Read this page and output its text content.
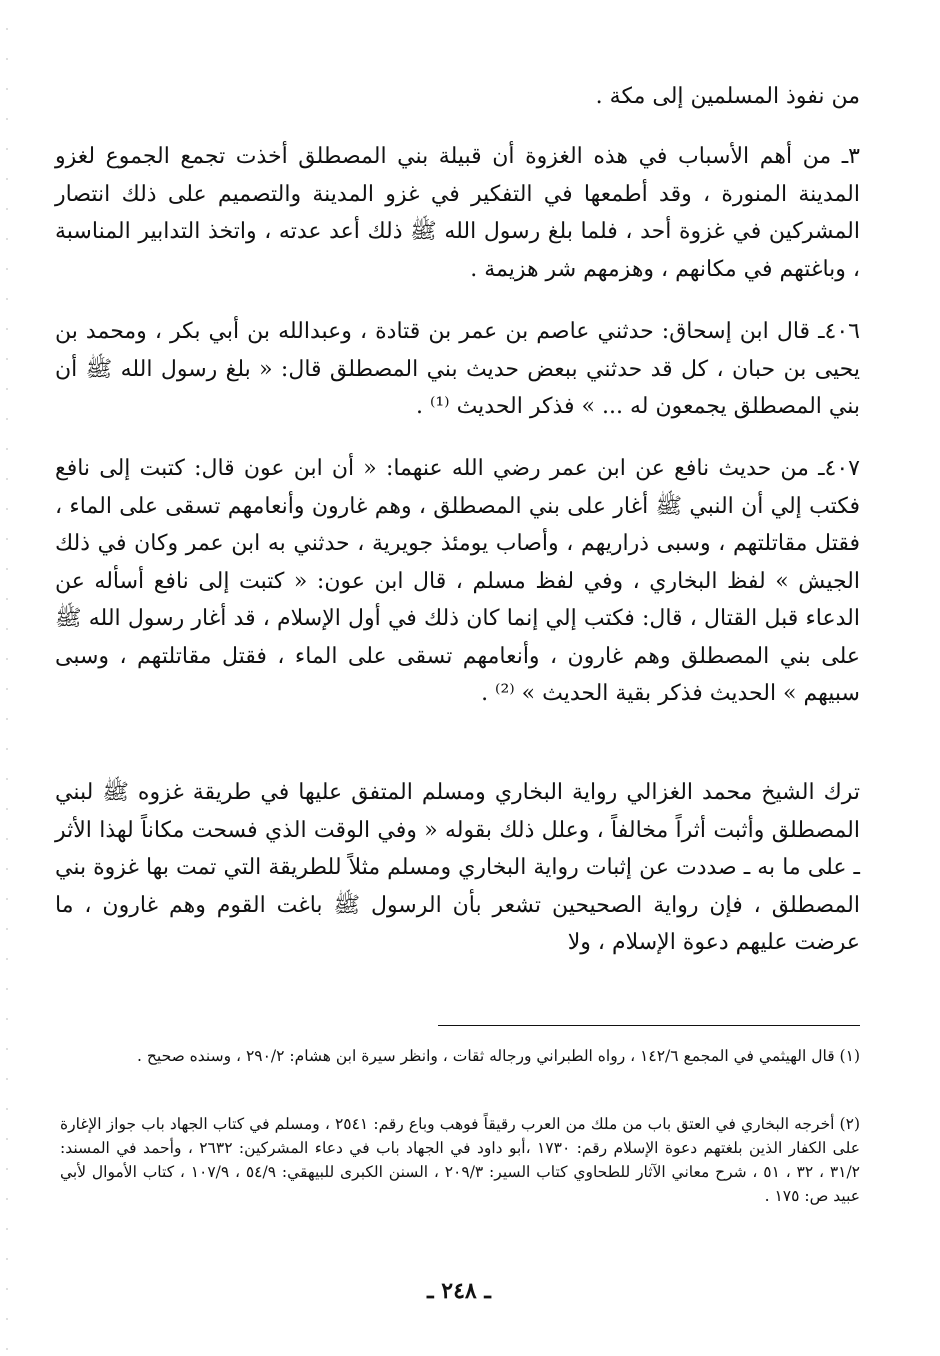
من نفوذ المسلمين إلى مكة .

٣ـ من أهم الأسباب في هذه الغزوة أن قبيلة بني المصطلق أخذت تجمع الجموع لغزو المدينة المنورة ، وقد أطمعها في التفكير في غزو المدينة والتصميم على ذلك انتصار المشركين في غزوة أحد ، فلما بلغ رسول الله ﷺ ذلك أعد عدته ، واتخذ التدابير المناسبة ، وباغتهم في مكانهم ، وهزمهم شر هزيمة .

٤٠٦ـ قال ابن إسحاق: حدثني عاصم بن عمر بن قتادة ، وعبدالله بن أبي بكر ، ومحمد بن يحيى بن حبان ، كل قد حدثني ببعض حديث بني المصطلق قال: « بلغ رسول الله ﷺ أن بني المصطلق يجمعون له ... » فذكر الحديث ⁽¹⁾ .

٤٠٧ـ من حديث نافع عن ابن عمر رضي الله عنهما: « أن ابن عون قال: كتبت إلى نافع فكتب إلي أن النبي ﷺ أغار على بني المصطلق ، وهم غارون وأنعامهم تسقى على الماء ، فقتل مقاتلتهم ، وسبى ذراريهم ، وأصاب يومئذ جويرية ، حدثني به ابن عمر وكان في ذلك الجيش » لفظ البخاري ، وفي لفظ مسلم ، قال ابن عون: « كتبت إلى نافع أسأله عن الدعاء قبل القتال ، قال: فكتب إلي إنما كان ذلك في أول الإسلام ، قد أغار رسول الله ﷺ على بني المصطلق وهم غارون ، وأنعامهم تسقى على الماء ، فقتل مقاتلتهم ، وسبى سبيهم » الحديث فذكر بقية الحديث » ⁽²⁾ .

ترك الشيخ محمد الغزالي رواية البخاري ومسلم المتفق عليها في طريقة غزوه ﷺ لبني المصطلق وأثبت أثراً مخالفاً ، وعلل ذلك بقوله « وفي الوقت الذي فسحت مكاناً لهذا الأثر ـ على ما به ـ صددت عن إثبات رواية البخاري ومسلم مثلاً للطريقة التي تمت بها غزوة بني المصطلق ، فإن رواية الصحيحين تشعر بأن الرسول ﷺ باغت القوم وهم غارون ، ما عرضت عليهم دعوة الإسلام ، ولا

(١) قال الهيثمي في المجمع ١٤٢/٦ ، رواه الطبراني ورجاله ثقات ، وانظر سيرة ابن هشام: ٢٩٠/٢ ، وسنده صحيح .

(٢) أخرجه البخاري في العتق باب من ملك من العرب رقيقاً فوهب وباع رقم: ٢٥٤١ ، ومسلم في كتاب الجهاد باب جواز الإغارة على الكفار الذين بلغتهم دعوة الإسلام رقم: ١٧٣٠ ،أبو داود في الجهاد باب في دعاء المشركين: ٢٦٣٢ ، وأحمد في المسند: ٣١/٢ ، ٣٢ ، ٥١ ، شرح معاني الآثار للطحاوي كتاب السير: ٢٠٩/٣ ، السنن الكبرى للبيهقي: ٥٤/٩ ، ١٠٧/٩ ، كتاب الأموال لأبي عبيد ص: ١٧٥ .

ـ ٢٤٨ ـ
